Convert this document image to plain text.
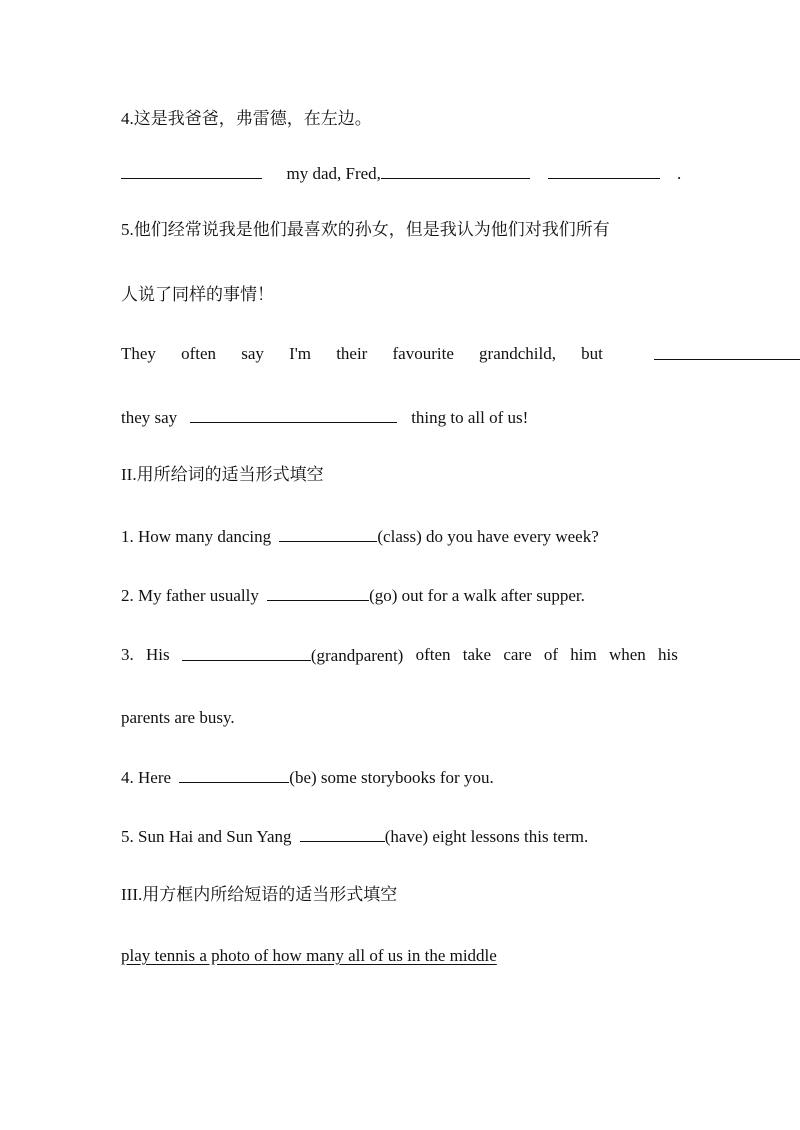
4.这是我爸爸，弗雷德，在左边。
my dad, Fred,	.
5.他们经常说我是他们最喜欢的孙女，但是我认为他们对我们所有
人说了同样的事情！
They often say I'm their favourite grandchild, but
they say	thing to all of us!
II.用所给词的适当形式填空
1. How many dancing	(class) do you have every week?
2. My father usually	(go) out for a walk after supper.
3. His	(grandparent) often take care of him when his
parents are busy.
4. Here	(be) some storybooks for you.
5. Sun Hai and Sun Yang	(have) eight lessons this term.
III.用方框内所给短语的适当形式填空
play tennis a photo of how many all of us in the middle
